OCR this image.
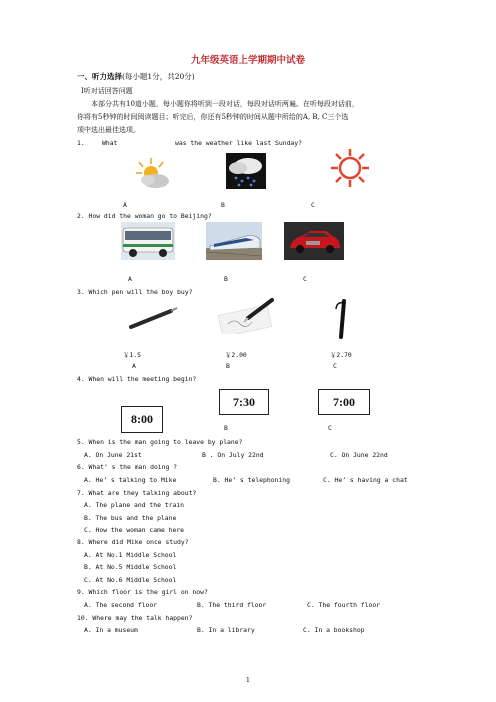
九年级英语上学期期中试卷
一、听力选择(每小题1分，共20分)
Ⅰ听对话回答问题
本部分共有10道小题，每小题你将听到一段对话，每段对话听两遍。在听每段对话前，
你将有5秒钟的时间阅读题目；听完后，你还有5秒钟的时间从题中所给的A, B, C三个选
项中选出最佳选项。
1.	What	was the weather like last Sunday?
A	B	C
2. How did the woman go to Beijing?
A	B	C
3. Which pen will the boy buy?
￥1.5	￥2.00	￥2.70
A	B	C
4. When will the meeting begin?
8:00
7:30	7:00
B	C
5. When is the man going to leave by plane?
A. On June 21st	B . On July 22nd	C. On June 22nd
6. What’ s the man doing ?
A. He’ s talking to Mike	B. He’ s telephoning	C. He’ s having a chat
7. What are they talking about?
A. The plane and the train
B. The bus and the plane
C. How the woman came here
8. Where did Mike once study?
A. At No.1 Middle School
B. At No.5 Middle School
C. At No.6 Middle School
9. Which floor is the girl on now?
A. The second floor	B. The third floor	C. The fourth floor
10. Where may the talk happen?
A. In a museum	B. In a library	C. In a bookshop
1
